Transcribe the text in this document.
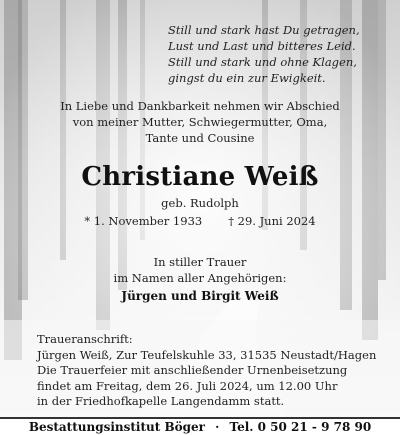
Still und stark hast Du getragen,
Lust und Last und bitteres Leid.
Still und stark und ohne Klagen,
gingst du ein zur Ewigkeit.
In Liebe und Dankbarkeit nehmen wir Abschied
von meiner Mutter, Schwiegermutter, Oma,
Tante und Cousine
Christiane Weiß
geb. Rudolph
* 1. November 1933 † 29. Juni 2024
In stiller Trauer
im Namen aller Angehörigen:
Jürgen und Birgit Weiß
Traueranschrift:
Jürgen Weiß, Zur Teufelskuhle 33, 31535 Neustadt/Hagen
Die Trauerfeier mit anschließender Urnenbeisetzung
findet am Freitag, dem 26. Juli 2024, um 12.00 Uhr
in der Friedhofkapelle Langendamm statt.
Bestattungsinstitut Böger · Tel. 0 50 21 - 9 78 90
